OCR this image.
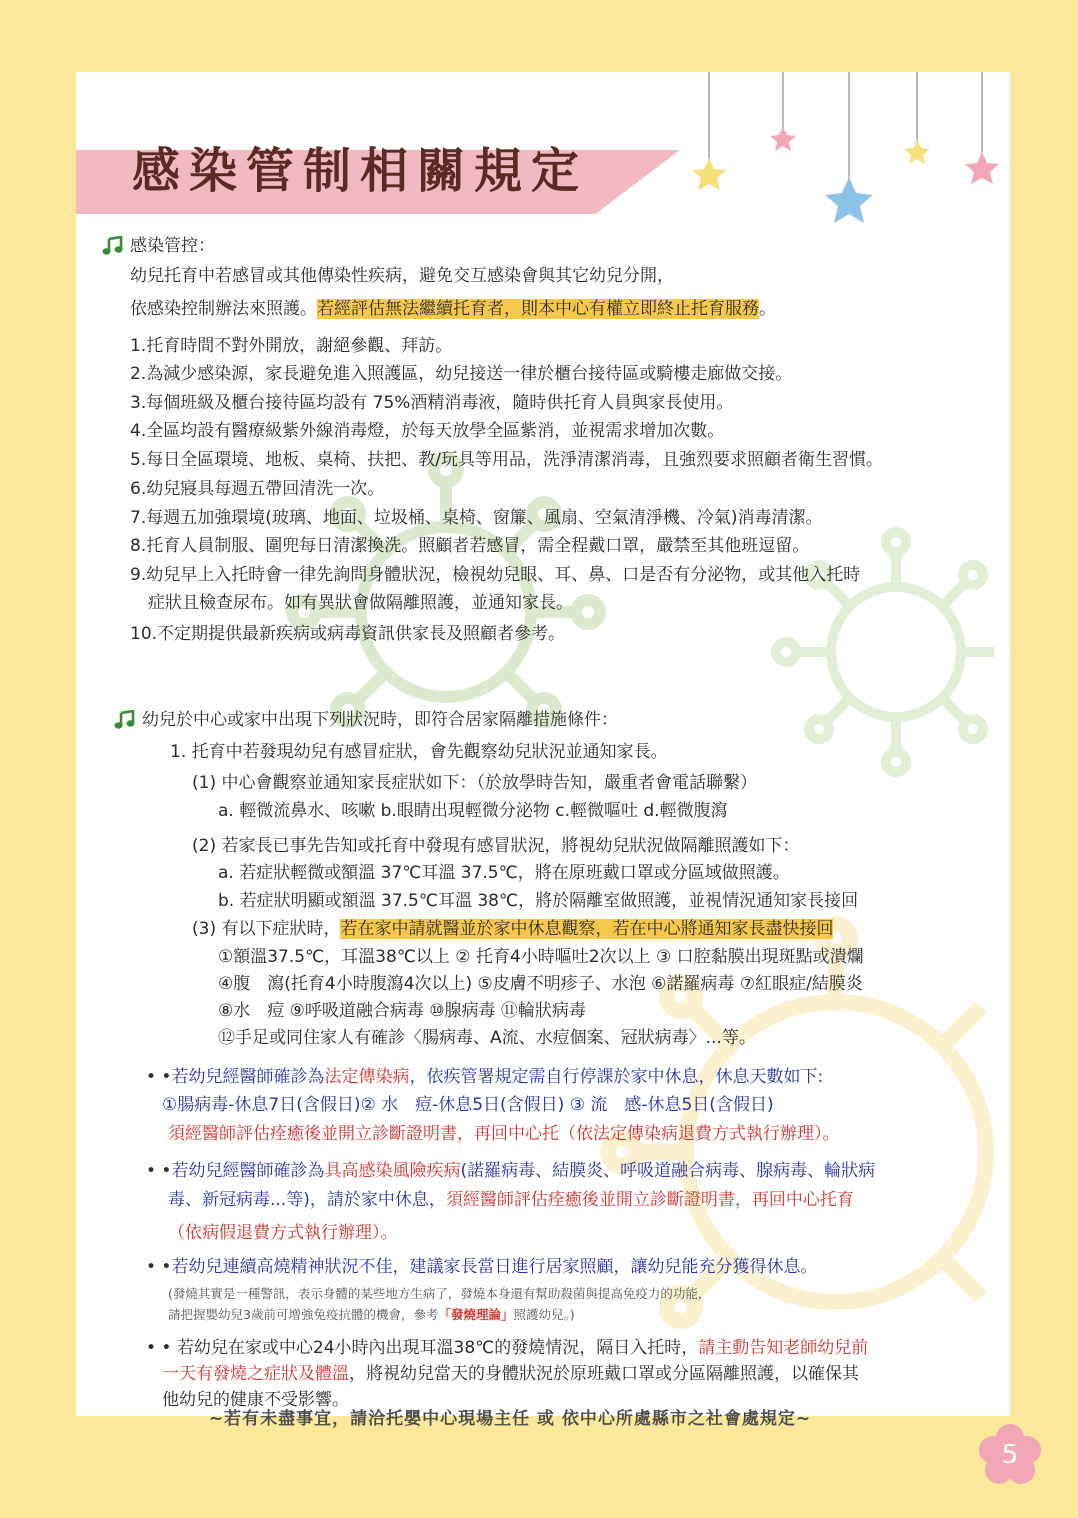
感染管制相關規定
感染管控：
幼兒托育中若感冒或其他傳染性疾病，避免交互感染會與其它幼兒分開，
依感染控制辦法來照護。若經評估無法繼續托育者，則本中心有權立即終止托育服務。
1.托育時間不對外開放，謝絕參觀、拜訪。
2.為減少感染源，家長避免進入照護區，幼兒接送一律於櫃台接待區或騎樓走廊做交接。
3.每個班級及櫃台接待區均設有 75%酒精消毒液，隨時供托育人員與家長使用。
4.全區均設有醫療級紫外線消毒燈，於每天放學全區紫消，並視需求增加次數。
5.每日全區環境、地板、桌椅、扶把、教/玩具等用品，洗淨清潔消毒，且強烈要求照顧者衛生習慣。
6.幼兒寢具每週五帶回清洗一次。
7.每週五加強環境(玻璃、地面、垃圾桶、桌椅、窗簾、風扇、空氣清淨機、冷氣)消毒清潔。
8.托育人員制服、圍兜每日清潔換洗。照顧者若感冒，需全程戴口罩，嚴禁至其他班逗留。
9.幼兒早上入托時會一律先詢問身體狀況，檢視幼兒眼、耳、鼻、口是否有分泌物，或其他入托時
症狀且檢查尿布。如有異狀會做隔離照護，並通知家長。
10.不定期提供最新疾病或病毒資訊供家長及照顧者參考。
幼兒於中心或家中出現下列狀況時，即符合居家隔離措施條件：
1. 托育中若發現幼兒有感冒症狀，會先觀察幼兒狀況並通知家長。
(1) 中心會觀察並通知家長症狀如下：（於放學時告知，嚴重者會電話聯繫）
a. 輕微流鼻水、咳嗽 b.眼睛出現輕微分泌物 c.輕微嘔吐 d.輕微腹瀉
(2) 若家長已事先告知或托育中發現有感冒狀況，將視幼兒狀況做隔離照護如下：
a. 若症狀輕微或額溫 37℃耳溫 37.5℃，將在原班戴口罩或分區域做照護。
b. 若症狀明顯或額溫 37.5℃耳溫 38℃，將於隔離室做照護，並視情況通知家長接回
(3) 有以下症狀時，若在家中請就醫並於家中休息觀察，若在中心將通知家長盡快接回
①額溫37.5℃，耳溫38℃以上 ② 托育4小時嘔吐2次以上 ③ 口腔黏膜出現斑點或潰爛
④腹　瀉(托育4小時腹瀉4次以上) ⑤皮膚不明疹子、水泡 ⑥諾羅病毒 ⑦紅眼症/結膜炎
⑧水　痘 ⑨呼吸道融合病毒 ⑩腺病毒 ⑪輪狀病毒
⑫手足或同住家人有確診〈腸病毒、A流、水痘個案、冠狀病毒〉...等。
• •若幼兒經醫師確診為法定傳染病，依疾管署規定需自行停課於家中休息，休息天數如下:
①腸病毒-休息7日(含假日)② 水　痘-休息5日(含假日) ③ 流　感-休息5日(含假日)
須經醫師評估痊癒後並開立診斷證明書，再回中心托（依法定傳染病退費方式執行辦理）。
• •若幼兒經醫師確診為具高感染風險疾病(諾羅病毒、結膜炎、呼吸道融合病毒、腺病毒、輪狀病
毒、新冠病毒...等)，請於家中休息，須經醫師評估痊癒後並開立診斷證明書，再回中心托育
（依病假退費方式執行辦理）。
• •若幼兒連續高燒精神狀況不佳，建議家長當日進行居家照顧，讓幼兒能充分獲得休息。
(發燒其實是一種警訊，表示身體的某些地方生病了，發燒本身還有幫助殺菌與提高免疫力的功能，
請把握嬰幼兒3歲前可增強免疫抗體的機會，參考「發燒理論」照護幼兒。)
• • 若幼兒在家或中心24小時內出現耳溫38℃的發燒情況，隔日入托時，請主動告知老師幼兒前
一天有發燒之症狀及體溫，將視幼兒當天的身體狀況於原班戴口罩或分區隔離照護，以確保其
他幼兒的健康不受影響。
~若有未盡事宜，請洽托嬰中心現場主任 或 依中心所處縣市之社會處規定~
5
